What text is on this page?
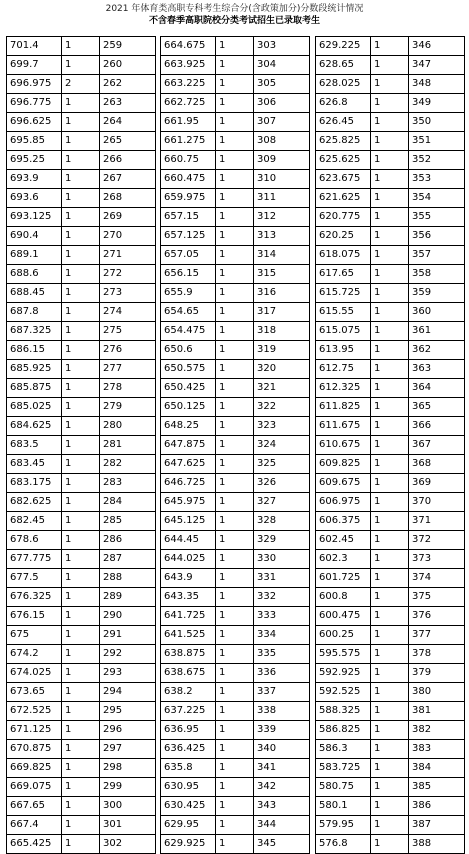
2021 年体育类高职专科考生综合分(含政策加分)分数段统计情况
不含春季高职院校分类考试招生已录取考生
701.4	1	259
699.7	1	260
696.975	2	262
696.775	1	263
696.625	1	264
695.85	1	265
695.25	1	266
693.9	1	267
693.6	1	268
693.125	1	269
690.4	1	270
689.1	1	271
688.6	1	272
688.45	1	273
687.8	1	274
687.325	1	275
686.15	1	276
685.925	1	277
685.875	1	278
685.025	1	279
684.625	1	280
683.5	1	281
683.45	1	282
683.175	1	283
682.625	1	284
682.45	1	285
678.6	1	286
677.775	1	287
677.5	1	288
676.325	1	289
676.15	1	290
675	1	291
674.2	1	292
674.025	1	293
673.65	1	294
672.525	1	295
671.125	1	296
670.875	1	297
669.825	1	298
669.075	1	299
667.65	1	300
667.4	1	301
665.425	1	302
664.675	1	303
663.925	1	304
663.225	1	305
662.725	1	306
661.95	1	307
661.275	1	308
660.75	1	309
660.475	1	310
659.975	1	311
657.15	1	312
657.125	1	313
657.05	1	314
656.15	1	315
655.9	1	316
654.65	1	317
654.475	1	318
650.6	1	319
650.575	1	320
650.425	1	321
650.125	1	322
648.25	1	323
647.875	1	324
647.625	1	325
646.725	1	326
645.975	1	327
645.125	1	328
644.45	1	329
644.025	1	330
643.9	1	331
643.35	1	332
641.725	1	333
641.525	1	334
638.875	1	335
638.675	1	336
638.2	1	337
637.225	1	338
636.95	1	339
636.425	1	340
635.8	1	341
630.95	1	342
630.425	1	343
629.95	1	344
629.925	1	345
629.225	1	346
628.65	1	347
628.025	1	348
626.8	1	349
626.45	1	350
625.825	1	351
625.625	1	352
623.675	1	353
621.625	1	354
620.775	1	355
620.25	1	356
618.075	1	357
617.65	1	358
615.725	1	359
615.55	1	360
615.075	1	361
613.95	1	362
612.75	1	363
612.325	1	364
611.825	1	365
611.675	1	366
610.675	1	367
609.825	1	368
609.675	1	369
606.975	1	370
606.375	1	371
602.45	1	372
602.3	1	373
601.725	1	374
600.8	1	375
600.475	1	376
600.25	1	377
595.575	1	378
592.925	1	379
592.525	1	380
588.325	1	381
586.825	1	382
586.3	1	383
583.725	1	384
580.75	1	385
580.1	1	386
579.95	1	387
576.8	1	388
